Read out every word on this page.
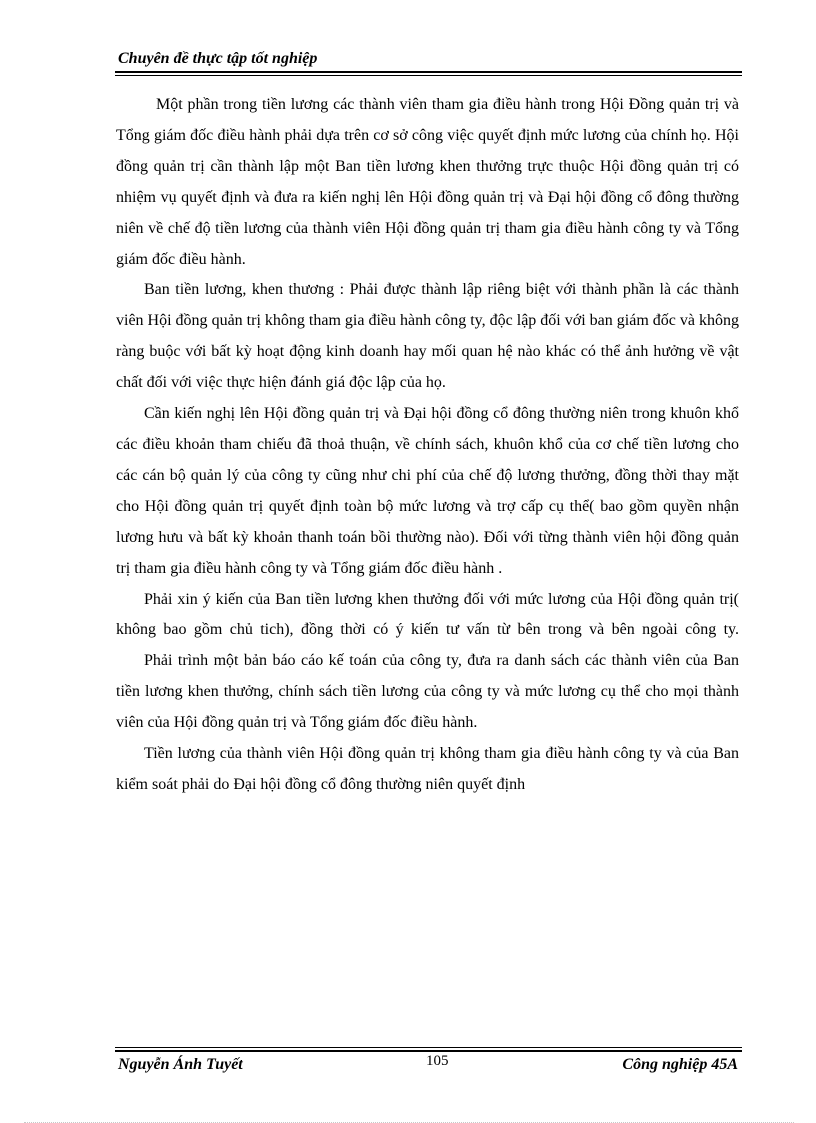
Chuyên đề thực tập tốt nghiệp

Một phần trong tiền lương các thành viên tham gia điều hành trong Hội Đồng quản trị và Tổng giám đốc điều hành phải dựa trên cơ sở công việc quyết định mức lương của chính họ. Hội đồng quản trị cần thành lập một Ban tiền lương khen thưởng trực thuộc Hội đồng quản trị có nhiệm vụ quyết định và đưa ra kiến nghị lên Hội đồng quản trị và Đại hội đồng cổ đông thường niên về chế độ tiền lương của thành viên Hội đồng quản trị tham gia điều hành công ty và Tổng giám đốc điều hành.

Ban tiền lương, khen thương : Phải được thành lập riêng biệt với thành phần là các thành viên Hội đồng quản trị không tham gia điều hành công ty, độc lập đối với ban giám đốc và không ràng buộc với bất kỳ hoạt động kinh doanh hay mối quan hệ nào khác có thể ảnh hưởng về vật chất đối với việc thực hiện đánh giá độc lập của họ.

Cần kiến nghị lên Hội đồng quản trị và Đại hội đồng cổ đông thường niên trong khuôn khổ các điều khoản tham chiếu đã thoả thuận, về chính sách, khuôn khổ của cơ chế tiền lương cho các cán bộ quản lý của công ty cũng như chi phí của chế độ lương thưởng, đồng thời thay mặt cho Hội đồng quản trị quyết định toàn bộ mức lương và trợ cấp cụ thể( bao gồm quyền nhận lương hưu và bất kỳ khoản thanh toán bồi thường nào). Đối với từng thành viên hội đồng quản trị tham gia điều hành công ty và Tổng giám đốc điều hành .

Phải xin ý kiến của Ban tiền lương khen thưởng đối với mức lương của Hội đồng quản trị( không bao gồm chủ tich), đồng thời có ý kiến tư vấn từ bên trong và bên ngoài công ty.

Phải trình một bản báo cáo kế toán của công ty, đưa ra danh sách các thành viên của Ban tiền lương khen thưởng, chính sách tiền lương của công ty và mức lương cụ thể cho mọi thành viên của Hội đồng quản trị và Tổng giám đốc điều hành.

Tiền lương của thành viên Hội đồng quản trị không tham gia điều hành công ty và của Ban kiểm soát phải do Đại hội đồng cổ đông thường niên quyết định

Nguyễn Ánh Tuyết	105	Công nghiệp 45A
